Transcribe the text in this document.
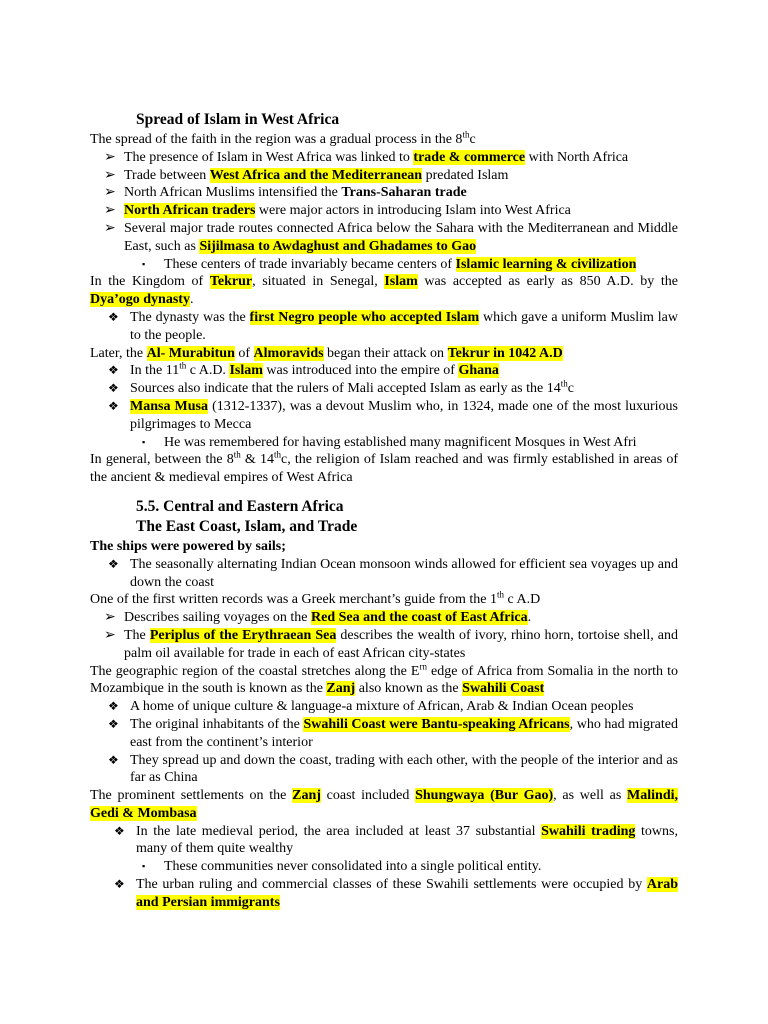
Spread of Islam in West Africa
The spread of the faith in the region was a gradual process in the 8thc
➢ The presence of Islam in West Africa was linked to trade & commerce with North Africa
➢ Trade between West Africa and the Mediterranean predated Islam
➢ North African Muslims intensified the Trans-Saharan trade
➢ North African traders were major actors in introducing Islam into West Africa
➢ Several major trade routes connected Africa below the Sahara with the Mediterranean and Middle East, such as Sijilmasa to Awdaghust and Ghadames to Gao
▪ These centers of trade invariably became centers of Islamic learning & civilization
In the Kingdom of Tekrur, situated in Senegal, Islam was accepted as early as 850 A.D. by the Dya’ogo dynasty.
❖ The dynasty was the first Negro people who accepted Islam which gave a uniform Muslim law to the people.
Later, the Al- Murabitun of Almoravids began their attack on Tekrur in 1042 A.D
❖ In the 11th c A.D. Islam was introduced into the empire of Ghana
❖ Sources also indicate that the rulers of Mali accepted Islam as early as the 14thc
❖ Mansa Musa (1312-1337), was a devout Muslim who, in 1324, made one of the most luxurious pilgrimages to Mecca
▪ He was remembered for having established many magnificent Mosques in West Afri
In general, between the 8th & 14thc, the religion of Islam reached and was firmly established in areas of the ancient & medieval empires of West Africa
5.5. Central and Eastern Africa
The East Coast, Islam, and Trade
The ships were powered by sails;
❖ The seasonally alternating Indian Ocean monsoon winds allowed for efficient sea voyages up and down the coast
One of the first written records was a Greek merchant’s guide from the 1th c A.D
➢ Describes sailing voyages on the Red Sea and the coast of East Africa.
➢ The Periplus of the Erythraean Sea describes the wealth of ivory, rhino horn, tortoise shell, and palm oil available for trade in each of east African city-states
The geographic region of the coastal stretches along the $E^{rn}$ edge of Africa from Somalia in the north to Mozambique in the south is known as the Zanj also known as the Swahili Coast
❖ A home of unique culture & language-a mixture of African, Arab & Indian Ocean peoples
❖ The original inhabitants of the Swahili Coast were Bantu-speaking Africans, who had migrated east from the continent’s interior
❖ They spread up and down the coast, trading with each other, with the people of the interior and as far as China
The prominent settlements on the Zanj coast included Shungwaya (Bur Gao), as well as Malindi, Gedi & Mombasa
❖ In the late medieval period, the area included at least 37 substantial Swahili trading towns, many of them quite wealthy
▪ These communities never consolidated into a single political entity.
❖ The urban ruling and commercial classes of these Swahili settlements were occupied by Arab and Persian immigrants
